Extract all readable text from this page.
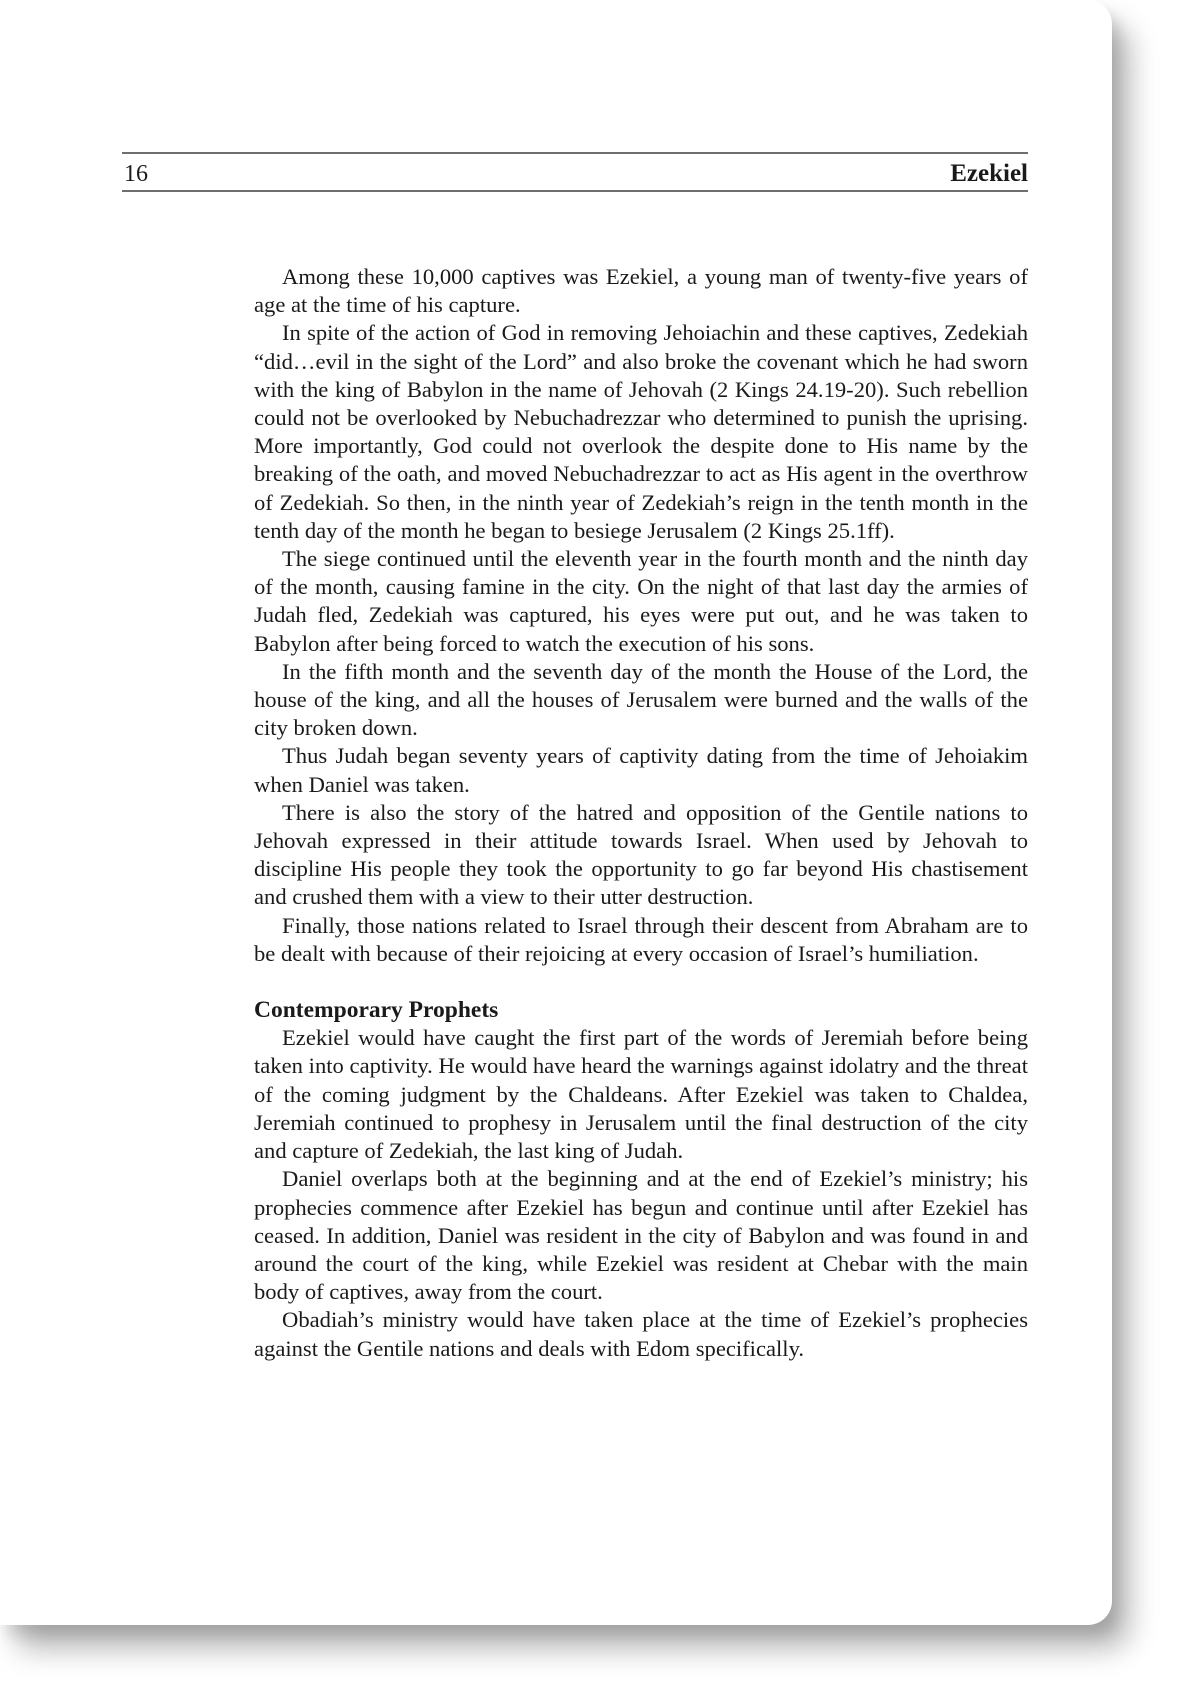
16	Ezekiel

Among these 10,000 captives was Ezekiel, a young man of twenty-five years of age at the time of his capture.

In spite of the action of God in removing Jehoiachin and these captives, Zedekiah “did…evil in the sight of the Lord” and also broke the covenant which he had sworn with the king of Babylon in the name of Jehovah (2 Kings 24.19-20). Such rebellion could not be overlooked by Nebuchadrezzar who determined to punish the uprising. More importantly, God could not overlook the despite done to His name by the breaking of the oath, and moved Nebuchadrezzar to act as His agent in the overthrow of Zedekiah. So then, in the ninth year of Zedekiah’s reign in the tenth month in the tenth day of the month he began to besiege Jerusalem (2 Kings 25.1ff).

The siege continued until the eleventh year in the fourth month and the ninth day of the month, causing famine in the city. On the night of that last day the armies of Judah fled, Zedekiah was captured, his eyes were put out, and he was taken to Babylon after being forced to watch the execution of his sons.

In the fifth month and the seventh day of the month the House of the Lord, the house of the king, and all the houses of Jerusalem were burned and the walls of the city broken down.

Thus Judah began seventy years of captivity dating from the time of Jehoiakim when Daniel was taken.

There is also the story of the hatred and opposition of the Gentile nations to Jehovah expressed in their attitude towards Israel. When used by Jehovah to discipline His people they took the opportunity to go far beyond His chastisement and crushed them with a view to their utter destruction.

Finally, those nations related to Israel through their descent from Abraham are to be dealt with because of their rejoicing at every occasion of Israel’s humiliation.

Contemporary Prophets

Ezekiel would have caught the first part of the words of Jeremiah before being taken into captivity. He would have heard the warnings against idolatry and the threat of the coming judgment by the Chaldeans. After Ezekiel was taken to Chaldea, Jeremiah continued to prophesy in Jerusalem until the final destruction of the city and capture of Zedekiah, the last king of Judah.

Daniel overlaps both at the beginning and at the end of Ezekiel’s ministry; his prophecies commence after Ezekiel has begun and continue until after Ezekiel has ceased. In addition, Daniel was resident in the city of Babylon and was found in and around the court of the king, while Ezekiel was resident at Chebar with the main body of captives, away from the court.

Obadiah’s ministry would have taken place at the time of Ezekiel’s prophecies against the Gentile nations and deals with Edom specifically.
